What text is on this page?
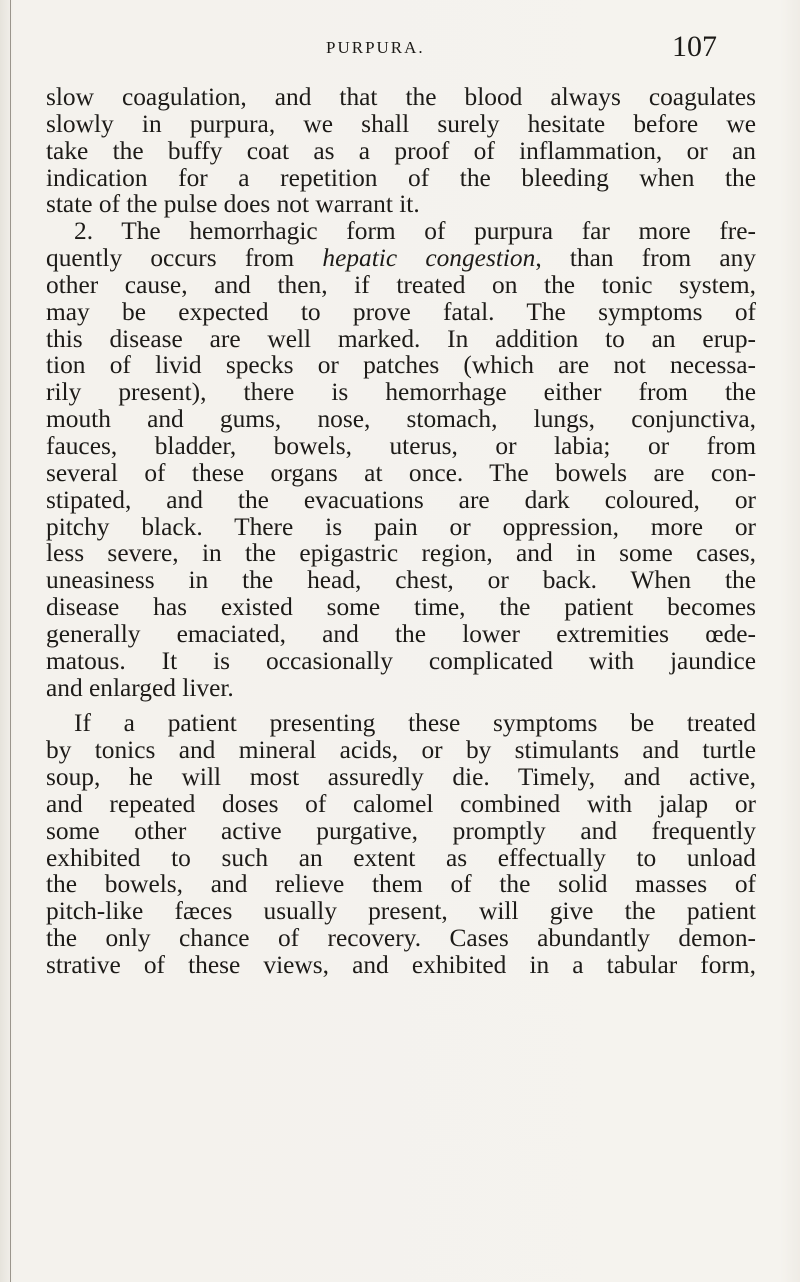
PURPURA.	107
slow coagulation, and that the blood always coagulates
slowly in purpura, we shall surely hesitate before we
take the buffy coat as a proof of inflammation, or an
indication for a repetition of the bleeding when the
state of the pulse does not warrant it.
2. The hemorrhagic form of purpura far more fre-
quently occurs from hepatic congestion, than from any
other cause, and then, if treated on the tonic system,
may be expected to prove fatal. The symptoms of
this disease are well marked. In addition to an erup-
tion of livid specks or patches (which are not necessa-
rily present), there is hemorrhage either from the
mouth and gums, nose, stomach, lungs, conjunctiva,
fauces, bladder, bowels, uterus, or labia; or from
several of these organs at once. The bowels are con-
stipated, and the evacuations are dark coloured, or
pitchy black. There is pain or oppression, more or
less severe, in the epigastric region, and in some cases,
uneasiness in the head, chest, or back. When the
disease has existed some time, the patient becomes
generally emaciated, and the lower extremities œde-
matous. It is occasionally complicated with jaundice
and enlarged liver.
If a patient presenting these symptoms be treated
by tonics and mineral acids, or by stimulants and turtle
soup, he will most assuredly die. Timely, and active,
and repeated doses of calomel combined with jalap or
some other active purgative, promptly and frequently
exhibited to such an extent as effectually to unload
the bowels, and relieve them of the solid masses of
pitch-like fæces usually present, will give the patient
the only chance of recovery. Cases abundantly demon-
strative of these views, and exhibited in a tabular form,
